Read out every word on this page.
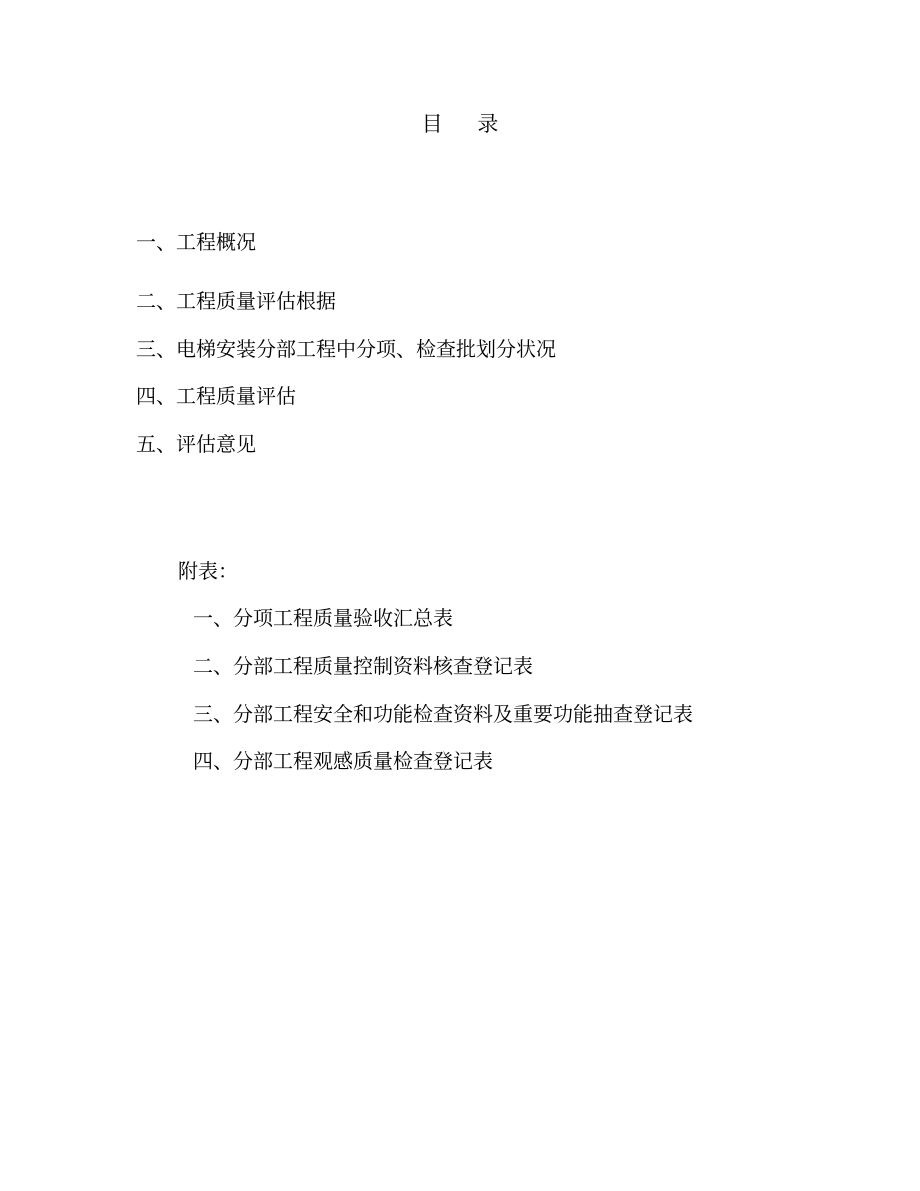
目 录
一、工程概况
二、工程质量评估根据
三、电梯安装分部工程中分项、检查批划分状况
四、工程质量评估
五、评估意见
附表：
一、分项工程质量验收汇总表
二、分部工程质量控制资料核查登记表
三、分部工程安全和功能检查资料及重要功能抽查登记表
四、分部工程观感质量检查登记表
